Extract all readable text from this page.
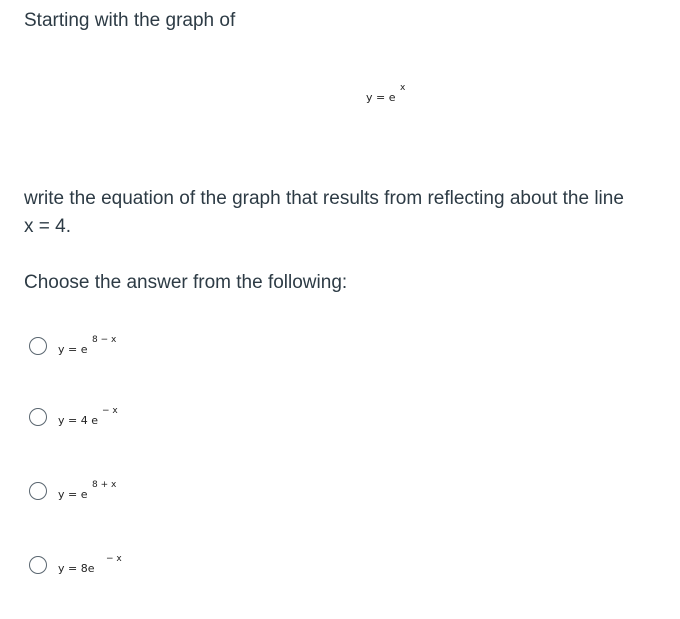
Starting with the graph of
y = e
x
write the equation of the graph that results from reflecting about the line
x = 4.
Choose the answer from the following:
y = e
8 − x
y = 4 e
− x
y = e
8 + x
y = 8e
− x
